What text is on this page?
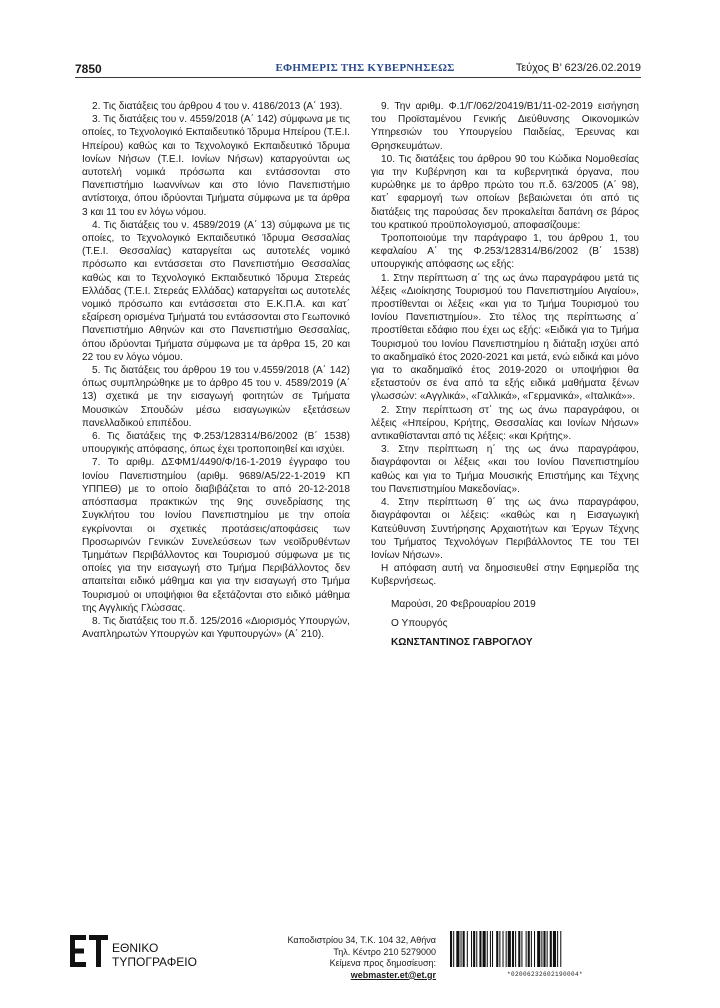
7850	ΕΦΗΜΕΡΙΣ ΤΗΣ ΚΥΒΕΡΝΗΣΕΩΣ	Τεύχος B’ 623/26.02.2019

2. Τις διατάξεις του άρθρου 4 του ν. 4186/2013 (Α΄ 193).

3. Τις διατάξεις του ν. 4559/2018 (Α΄ 142) σύμφωνα με τις οποίες, το Τεχνολογικό Εκπαιδευτικό Ίδρυμα Ηπείρου (Τ.Ε.Ι. Ηπείρου) καθώς και το Τεχνολογικό Εκπαιδευτικό Ίδρυμα Ιονίων Νήσων (Τ.Ε.Ι. Ιονίων Νήσων) καταργούνται ως αυτοτελή νομικά πρόσωπα και εντάσσονται στο Πανεπιστήμιο Ιωαννίνων και στο Ιόνιο Πανεπιστήμιο αντίστοιχα, όπου ιδρύονται Τμήματα σύμφωνα με τα άρθρα 3 και 11 του εν λόγω νόμου.

4. Τις διατάξεις του ν. 4589/2019 (Α΄ 13) σύμφωνα με τις οποίες, το Τεχνολογικό Εκπαιδευτικό Ίδρυμα Θεσσαλίας (Τ.Ε.Ι. Θεσσαλίας) καταργείται ως αυτοτελές νομικό πρόσωπο και εντάσσεται στο Πανεπιστήμιο Θεσσαλίας καθώς και το Τεχνολογικό Εκπαιδευτικό Ίδρυμα Στερεάς Ελλάδας (Τ.Ε.Ι. Στερεάς Ελλάδας) καταργείται ως αυτοτελές νομικό πρόσωπο και εντάσσεται στο Ε.Κ.Π.Α. και κατ΄ εξαίρεση ορισμένα Τμήματά του εντάσσονται στο Γεωπονικό Πανεπιστήμιο Αθηνών και στο Πανεπιστήμιο Θεσσαλίας, όπου ιδρύονται Τμήματα σύμφωνα με τα άρθρα 15, 20 και 22 του εν λόγω νόμου.

5. Τις διατάξεις του άρθρου 19 του ν.4559/2018 (Α΄ 142) όπως συμπληρώθηκε με το άρθρο 45 του ν. 4589/2019 (Α΄ 13) σχετικά με την εισαγωγή φοιτητών σε Τμήματα Μουσικών Σπουδών μέσω εισαγωγικών εξετάσεων πανελλαδικού επιπέδου.

6. Τις διατάξεις της Φ.253/128314/Β6/2002 (Β΄ 1538) υπουργικής απόφασης, όπως έχει τροποποιηθεί και ισχύει.

7. Το αριθμ. ΔΣΦΜ1/4490/Φ/16-1-2019 έγγραφο του Ιονίου Πανεπιστημίου (αριθμ. 9689/Α5/22-1-2019 ΚΠ ΥΠΠΕΘ) με το οποίο διαβιβάζεται το από 20-12-2018 απόσπασμα πρακτικών της 9ης συνεδρίασης της Συγκλήτου του Ιονίου Πανεπιστημίου με την οποία εγκρίνονται οι σχετικές προτάσεις/αποφάσεις των Προσωρινών Γενικών Συνελεύσεων των νεοϊδρυθέντων Τμημάτων Περιβάλλοντος και Τουρισμού σύμφωνα με τις οποίες για την εισαγωγή στο Τμήμα Περιβάλλοντος δεν απαιτείται ειδικό μάθημα και για την εισαγωγή στο Τμήμα Τουρισμού οι υποψήφιοι θα εξετάζονται στο ειδικό μάθημα της Αγγλικής Γλώσσας.

8. Τις διατάξεις του π.δ. 125/2016 «Διορισμός Υπουργών, Αναπληρωτών Υπουργών και Υφυπουργών» (Α΄ 210).

9. Την αριθμ. Φ.1/Γ/062/20419/Β1/11-02-2019 εισήγηση του Προϊσταμένου Γενικής Διεύθυνσης Οικονομικών Υπηρεσιών του Υπουργείου Παιδείας, Έρευνας και Θρησκευμάτων.

10. Τις διατάξεις του άρθρου 90 του Κώδικα Νομοθεσίας για την Κυβέρνηση και τα κυβερνητικά όργανα, που κυρώθηκε με το άρθρο πρώτο του π.δ. 63/2005 (Α΄ 98), κατ΄ εφαρμογή των οποίων βεβαιώνεται ότι από τις διατάξεις της παρούσας δεν προκαλείται δαπάνη σε βάρος του κρατικού προϋπολογισμού, αποφασίζουμε:

Τροποποιούμε την παράγραφο 1, του άρθρου 1, του κεφαλαίου Α΄ της Φ.253/128314/Β6/2002 (Β΄ 1538) υπουργικής απόφασης ως εξής:

1. Στην περίπτωση α΄ της ως άνω παραγράφου μετά τις λέξεις «Διοίκησης Τουρισμού του Πανεπιστημίου Αιγαίου», προστίθενται οι λέξεις «και για το Τμήμα Τουρισμού του Ιονίου Πανεπιστημίου». Στο τέλος της περίπτωσης α΄ προστίθεται εδάφιο που έχει ως εξής: «Ειδικά για το Τμήμα Τουρισμού του Ιονίου Πανεπιστημίου η διάταξη ισχύει από το ακαδημαϊκό έτος 2020-2021 και μετά, ενώ ειδικά και μόνο για το ακαδημαϊκό έτος 2019-2020 οι υποψήφιοι θα εξεταστούν σε ένα από τα εξής ειδικά μαθήματα ξένων γλωσσών: «Αγγλικά», «Γαλλικά», «Γερμανικά», «Ιταλικά»».

2. Στην περίπτωση στ΄ της ως άνω παραγράφου, οι λέξεις «Ηπείρου, Κρήτης, Θεσσαλίας και Ιονίων Νήσων» αντικαθίστανται από τις λέξεις: «και Κρήτης».

3. Στην περίπτωση η΄ της ως άνω παραγράφου, διαγράφονται οι λέξεις «και του Ιονίου Πανεπιστημίου καθώς και για το Τμήμα Μουσικής Επιστήμης και Τέχνης του Πανεπιστημίου Μακεδονίας».

4. Στην περίπτωση θ΄ της ως άνω παραγράφου, διαγράφονται οι λέξεις: «καθώς και η Εισαγωγική Κατεύθυνση Συντήρησης Αρχαιοτήτων και Έργων Τέχνης του Τμήματος Τεχνολόγων Περιβάλλοντος ΤΕ του ΤΕΙ Ιονίων Νήσων».

Η απόφαση αυτή να δημοσιευθεί στην Εφημερίδα της Κυβερνήσεως.

Μαρούσι, 20 Φεβρουαρίου 2019

Ο Υπουργός

ΚΩΝΣΤΑΝΤΙΝΟΣ ΓΑΒΡΟΓΛΟΥ

ΕΘΝΙΚΟ
ΤΥΠΟΓΡΑΦΕΙΟ
Καποδιστρίου 34, Τ.Κ. 104 32, Αθήνα
Τηλ. Κέντρο 210 5279000
Κείμενα προς δημοσίευση: webmaster.et@et.gr	*02006232602190004*
